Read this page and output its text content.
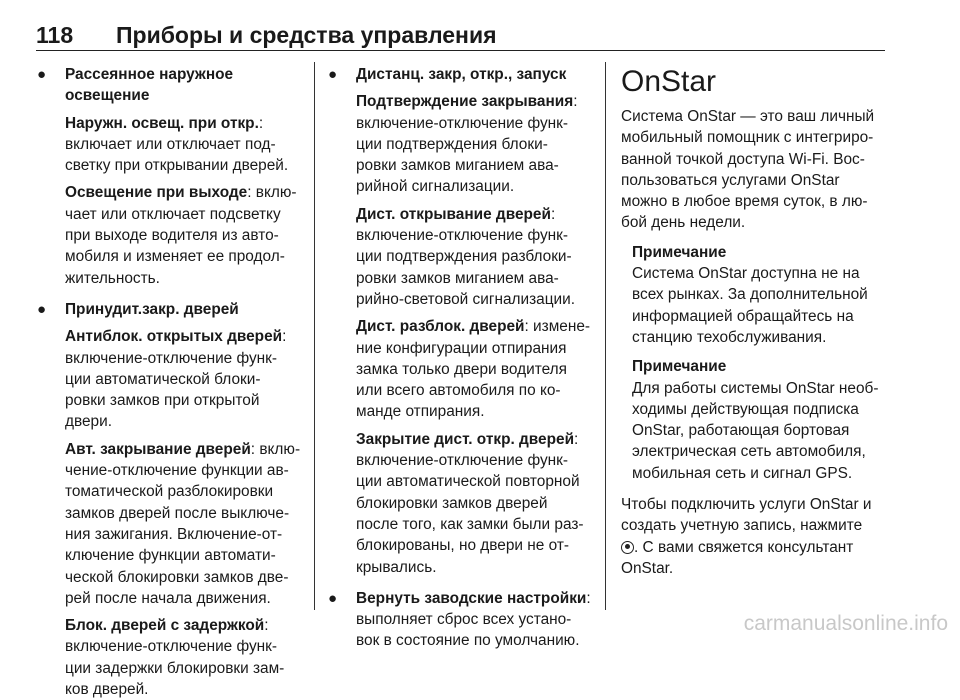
118	Приборы и средства управления
● Рассеянное наружное
освещение
Наружн. освещ. при откр.:
включает или отключает под-
светку при открывании дверей.
Освещение при выходе: вклю-
чает или отключает подсветку
при выходе водителя из авто-
мобиля и изменяет ее продол-
жительность.
● Принудит.закр. дверей
Антиблок. открытых дверей:
включение-отключение функ-
ции автоматической блоки-
ровки замков при открытой
двери.
Авт. закрывание дверей: вклю-
чение-отключение функции ав-
томатической разблокировки
замков дверей после выключе-
ния зажигания. Включение-от-
ключение функции автомати-
ческой блокировки замков две-
рей после начала движения.
Блок. дверей с задержкой:
включение-отключение функ-
ции задержки блокировки зам-
ков дверей.
● Дистанц. закр, откр., запуск
Подтверждение закрывания:
включение-отключение функ-
ции подтверждения блоки-
ровки замков миганием ава-
рийной сигнализации.
Дист. открывание дверей:
включение-отключение функ-
ции подтверждения разблоки-
ровки замков миганием ава-
рийно-световой сигнализации.
Дист. разблок. дверей: измене-
ние конфигурации отпирания
замка только двери водителя
или всего автомобиля по ко-
манде отпирания.
Закрытие дист. откр. дверей:
включение-отключение функ-
ции автоматической повторной
блокировки замков дверей
после того, как замки были раз-
блокированы, но двери не от-
крывались.
● Вернуть заводские настройки:
выполняет сброс всех устано-
вок в состояние по умолчанию.
OnStar
Система OnStar — это ваш личный
мобильный помощник с интегриро-
ванной точкой доступа Wi-Fi. Вос-
пользоваться услугами OnStar
можно в любое время суток, в лю-
бой день недели.
Примечание
Система OnStar доступна не на
всех рынках. За дополнительной
информацией обращайтесь на
станцию техобслуживания.
Примечание
Для работы системы OnStar необ-
ходимы действующая подписка
OnStar, работающая бортовая
электрическая сеть автомобиля,
мобильная сеть и сигнал GPS.
Чтобы подключить услуги OnStar и
создать учетную запись, нажмите
. С вами свяжется консультант
OnStar.
carmanualsonline.info
